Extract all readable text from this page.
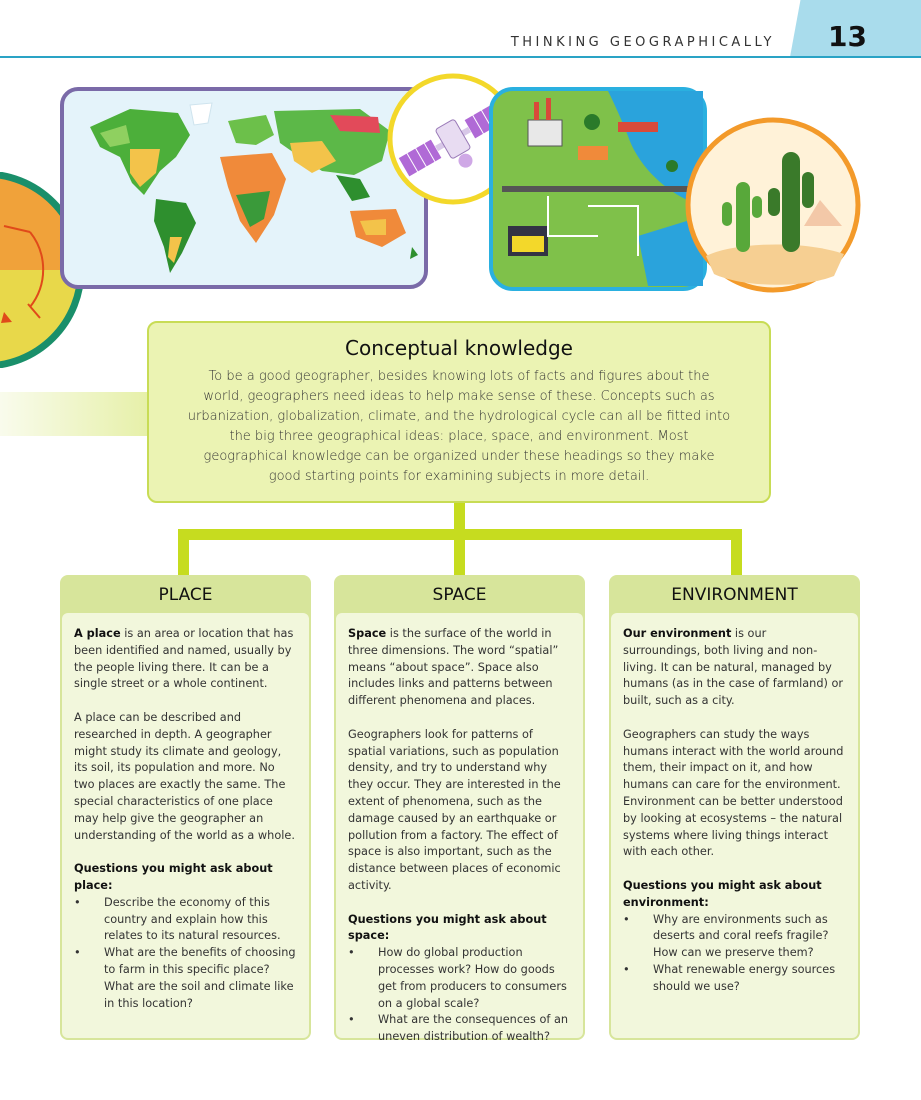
THINKING GEOGRAPHICALLY 13
Conceptual knowledge
To be a good geographer, besides knowing lots of facts and figures about the world, geographers need ideas to help make sense of these. Concepts such as urbanization, globalization, climate, and the hydrological cycle can all be fitted into the big three geographical ideas: place, space, and environment. Most geographical knowledge can be organized under these headings so they make good starting points for examining subjects in more detail.
PLACE

A place is an area or location that has been identified and named, usually by the people living there. It can be a single street or a whole continent.

A place can be described and researched in depth. A geographer might study its climate and geology, its soil, its population and more. No two places are exactly the same. The special characteristics of one place may help give the geographer an understanding of the world as a whole.

Questions you might ask about place:
• Describe the economy of this country and explain how this relates to its natural resources.
• What are the benefits of choosing to farm in this specific place? What are the soil and climate like in this location?
SPACE

Space is the surface of the world in three dimensions. The word “spatial” means “about space”. Space also includes links and patterns between different phenomena and places.

Geographers look for patterns of spatial variations, such as population density, and try to understand why they occur. They are interested in the extent of phenomena, such as the damage caused by an earthquake or pollution from a factory. The effect of space is also important, such as the distance between places of economic activity.

Questions you might ask about space:
• How do global production processes work? How do goods get from producers to consumers on a global scale?
• What are the consequences of an uneven distribution of wealth?
ENVIRONMENT

Our environment is our surroundings, both living and non-living. It can be natural, managed by humans (as in the case of farmland) or built, such as a city.

Geographers can study the ways humans interact with the world around them, their impact on it, and how humans can care for the environment. Environment can be better understood by looking at ecosystems – the natural systems where living things interact with each other.

Questions you might ask about environment:
• Why are environments such as deserts and coral reefs fragile? How can we preserve them?
• What renewable energy sources should we use?
